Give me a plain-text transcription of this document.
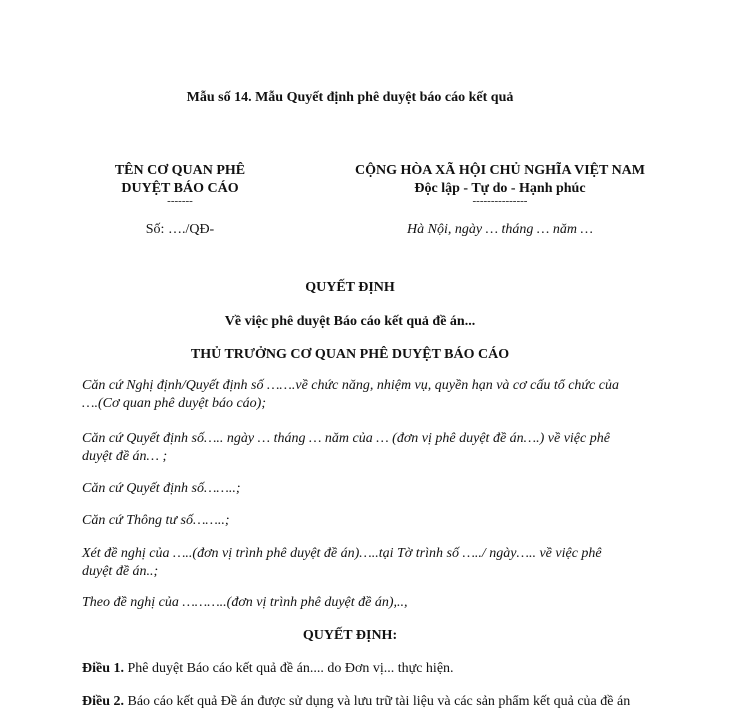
Mẫu số 14. Mẫu Quyết định phê duyệt báo cáo kết quả
TÊN CƠ QUAN PHÊ
DUYỆT BÁO CÁO
-------
Số: …./QĐ-
CỘNG HÒA XÃ HỘI CHỦ NGHĨA VIỆT NAM
Độc lập - Tự do - Hạnh phúc
---------------
Hà Nội, ngày … tháng … năm …
QUYẾT ĐỊNH
Về việc phê duyệt Báo cáo kết quả đề án...
THỦ TRƯỞNG CƠ QUAN PHÊ DUYỆT BÁO CÁO
Căn cứ Nghị định/Quyết định số …….về chức năng, nhiệm vụ, quyền hạn và cơ cấu tổ chức của ….(Cơ quan phê duyệt báo cáo);
Căn cứ Quyết định số….. ngày … tháng … năm của … (đơn vị phê duyệt đề án….) về việc phê duyệt đề án… ;
Căn cứ Quyết định số……..;
Căn cứ Thông tư số……..;
Xét đề nghị của …..(đơn vị trình phê duyệt đề án)…..tại Tờ trình số …../ ngày….. về việc phê duyệt đề án..;
Theo đề nghị của ………..(đơn vị trình phê duyệt đề án),..,
QUYẾT ĐỊNH:
Điều 1. Phê duyệt Báo cáo kết quả đề án.... do Đơn vị... thực hiện.
Điều 2. Báo cáo kết quả Đề án được sử dụng và lưu trữ tài liệu và các sản phẩm kết quả của đề án
